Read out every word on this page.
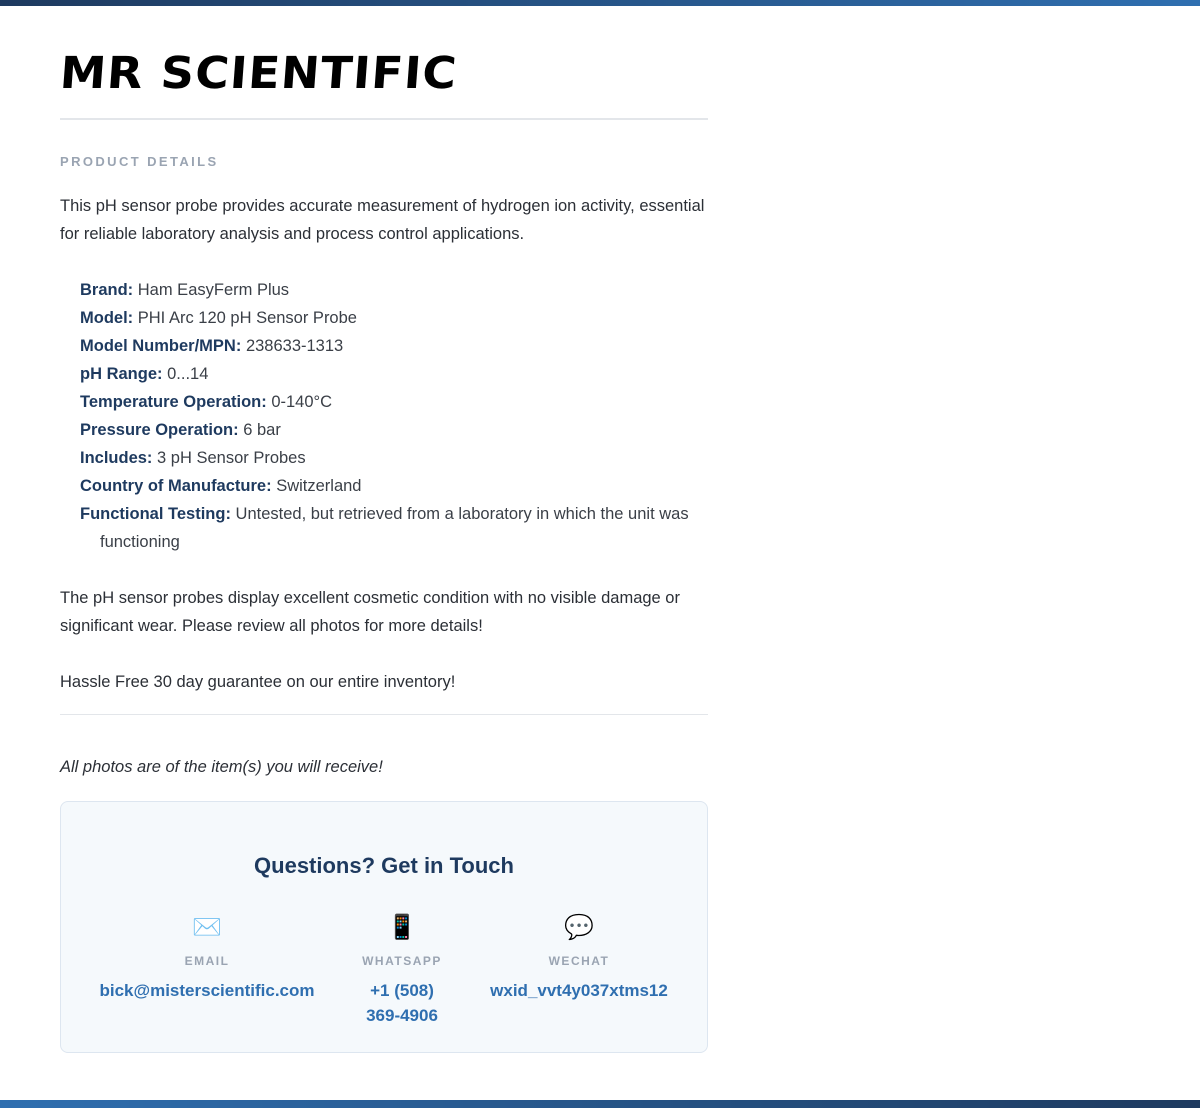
MR SCIENTIFIC
PRODUCT DETAILS

This pH sensor probe provides accurate measurement of hydrogen ion activity, essential for reliable laboratory analysis and process control applications.

Brand: Ham EasyFerm Plus
Model: PHI Arc 120 pH Sensor Probe
Model Number/MPN: 238633-1313
pH Range: 0...14
Temperature Operation: 0-140°C
Pressure Operation: 6 bar
Includes: 3 pH Sensor Probes
Country of Manufacture: Switzerland
Functional Testing: Untested, but retrieved from a laboratory in which the unit was functioning

The pH sensor probes display excellent cosmetic condition with no visible damage or significant wear. Please review all photos for more details!

Hassle Free 30 day guarantee on our entire inventory!

All photos are of the item(s) you will receive!
Questions? Get in Touch
✉️
EMAIL
bick@misterscientific.com
📱
WHATSAPP
+1 (508) 369-4906
💬
WECHAT
wxid_vvt4y037xtms12
